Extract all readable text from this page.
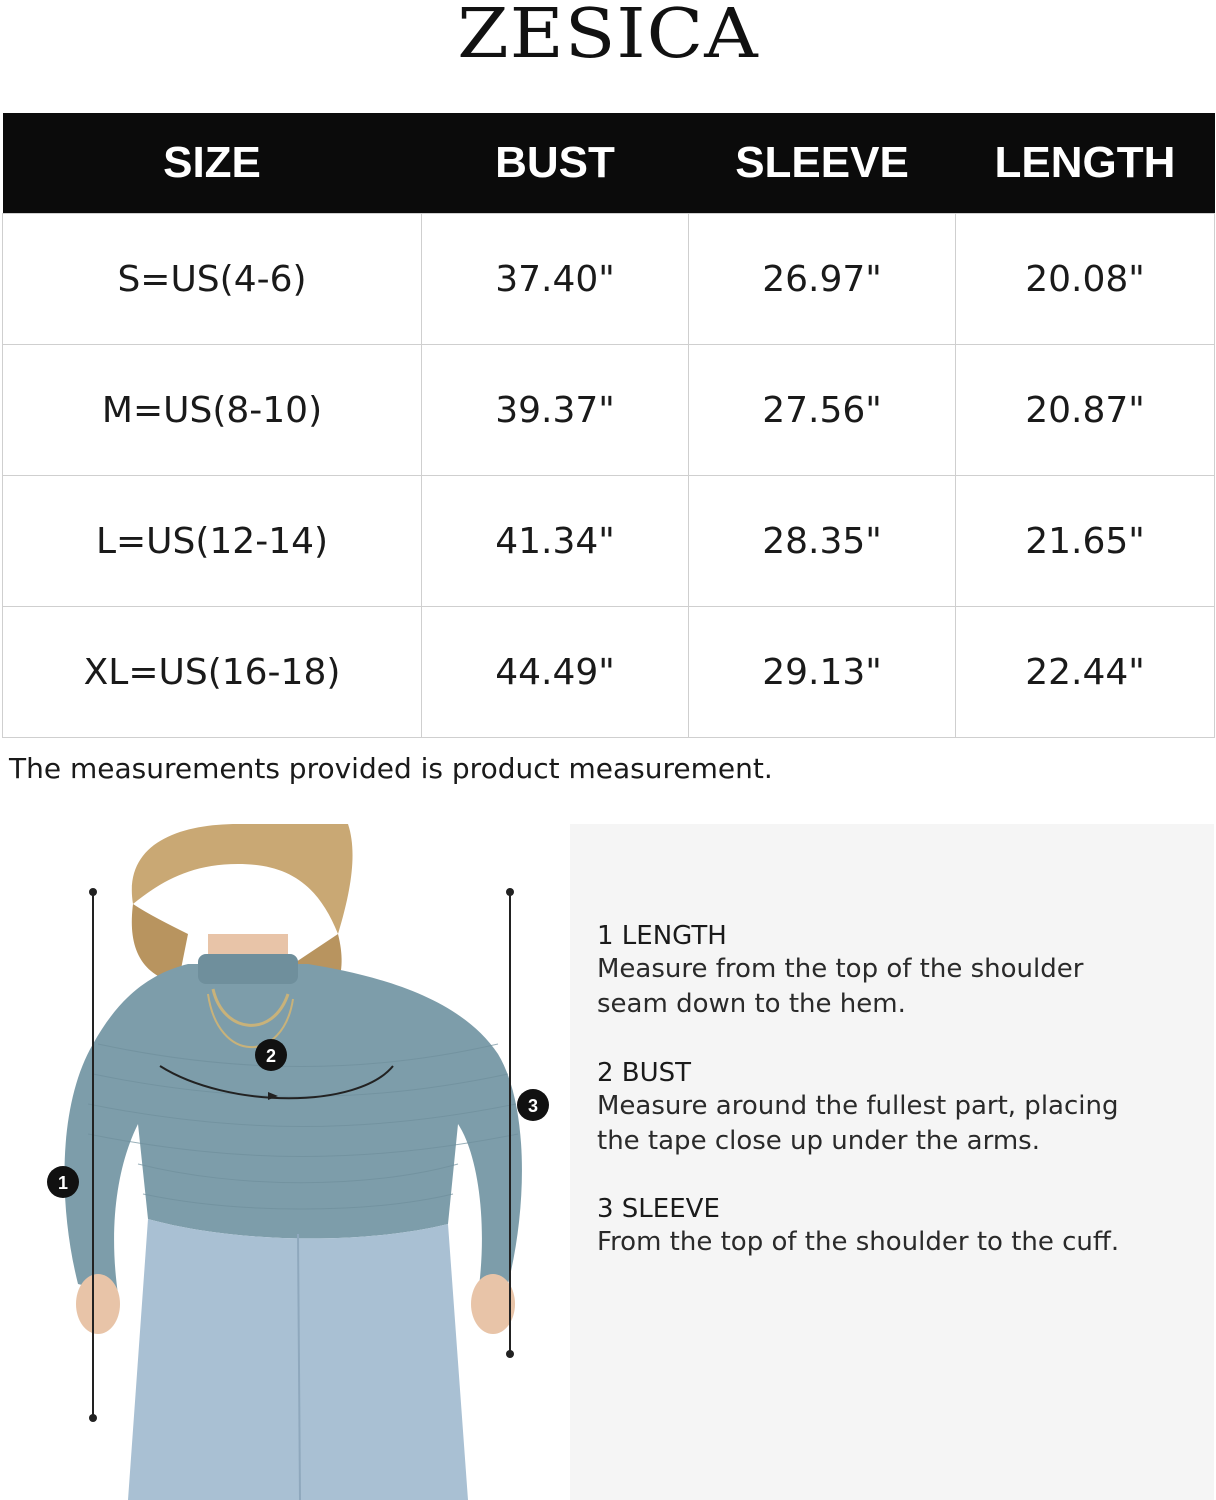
ZESICA
SIZE	BUST	SLEEVE	LENGTH
S=US(4-6)	37.40"	26.97"	20.08"
M=US(8-10)	39.37"	27.56"	20.87"
L=US(12-14)	41.34"	28.35"	21.65"
XL=US(16-18)	44.49"	29.13"	22.44"
The measurements provided is product measurement.
1
2
3
1 LENGTH
Measure from the top of the shoulder
seam down to the hem.
2 BUST
Measure around the fullest part, placing
the tape close up under the arms.
3 SLEEVE
From the top of the shoulder to the cuff.
